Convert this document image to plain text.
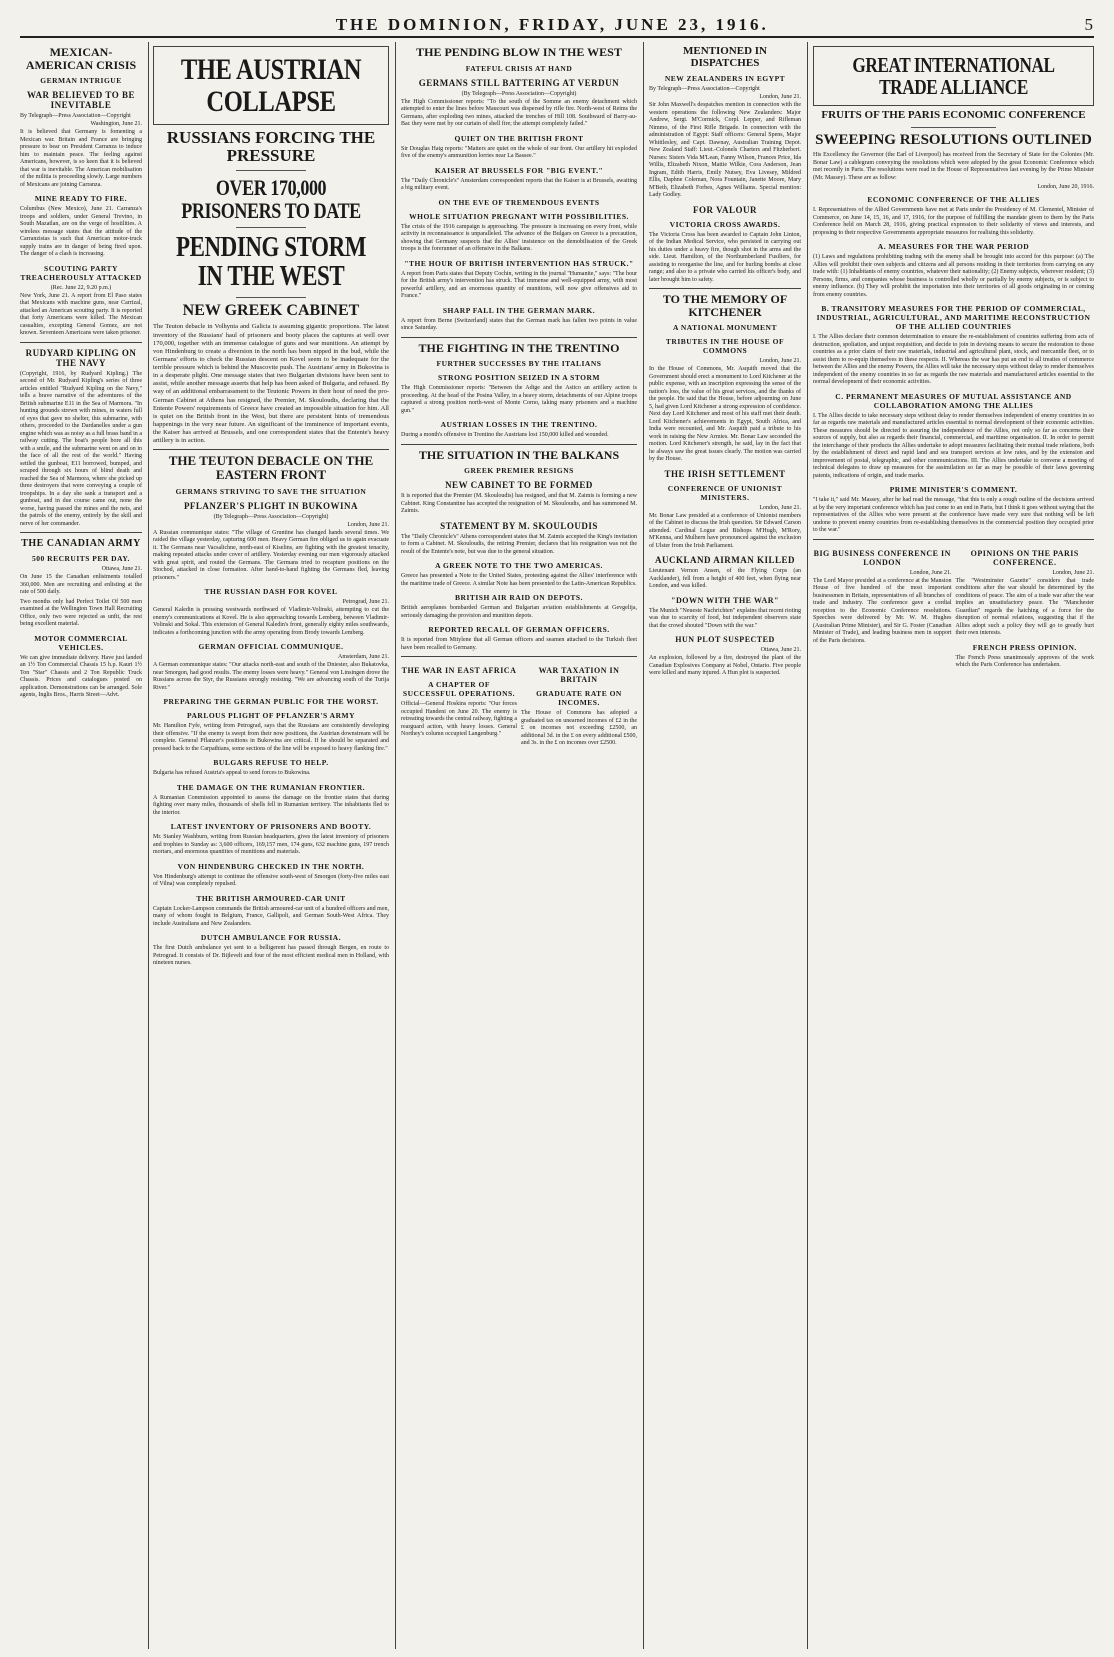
THE DOMINION, FRIDAY, JUNE 23, 1916.	5
MEXICAN-AMERICAN CRISIS
GERMAN INTRIGUE
WAR BELIEVED TO BE INEVITABLE
By Telegraph—Press Association—Copyright
Washington, June 21.
It is believed that Germany is fomenting a Mexican war. Britain and France are bringing pressure to bear on President Carranza to induce him to maintain peace. The feeling against Americans, however, is so keen that it is believed that war is inevitable. The American mobilisation of the militia is proceeding slowly. Large numbers of Mexicans are joining Carranza.
MINE READY TO FIRE.
Columbus (New Mexico), June 21. Carranza's troops and soldiers, under General Trevino, in South Mazatlan, are on the verge of hostilities. A wireless message states that the attitude of the Carranzistas is such that American motor-truck supply trains are in danger of being fired upon. The danger of a clash is increasing.
SCOUTING PARTY TREACHEROUSLY ATTACKED
(Rec. June 22, 9.20 p.m.)
New York, June 21. A report from El Paso states that Mexicans with machine guns, near Carrizal, attacked an American scouting party. It is reported that forty Americans were killed. The Mexican casualties, excepting General Gomez, are not known. Seventeen Americans were taken prisoner.
RUDYARD KIPLING ON THE NAVY
(Copyright, 1916, by Rudyard Kipling.) The second of Mr. Rudyard Kipling's series of three articles entitled "Rudyard Kipling on the Navy," tells a brave narrative of the adventures of the British submarine E11 in the Sea of Marmora. "In hunting grounds strewn with mines, in waters full of eyes that gave no shelter, this submarine, with others, proceeded to the Dardanelles under a gun engine which was as noisy as a full brass band in a railway cutting. The boat's people bore all this with a smile, and the submarine went on and on in the face of all the rest of the world." Having settled the gunboat, E11 borrowed, bumped, and scraped through six hours of blind death and reached the Sea of Marmora, where she picked up three destroyers that were conveying a couple of troopships. In a day she sank a transport and a gunboat, and in due course came out, none the worse, having passed the mines and the nets, and the patrols of the enemy, entirely by the skill and nerve of her commander.
THE CANADIAN ARMY
500 RECRUITS PER DAY.
Ottawa, June 21.
On June 15 the Canadian enlistments totalled 360,000. Men are recruiting and enlisting at the rate of 500 daily.
Two months only had Perfect Toilet Of 500 men examined at the Wellington Town Hall Recruiting Office, only two were rejected as unfit, the rest being excellent material.
MOTOR COMMERCIAL VEHICLES.
We can give immediate delivery. Have just landed an 1½ Ton Commercial Chassis 15 h.p. Kauri 1½ Ton "Star" Chassis and 2 Ton Republic Truck Chassis. Prices and catalogues posted on application. Demonstrations can be arranged. Sole agents, Inglis Bros., Harris Street—Advt.
THE AUSTRIAN COLLAPSE
RUSSIANS FORCING THE PRESSURE
OVER 170,000 PRISONERS TO DATE
PENDING STORM IN THE WEST
NEW GREEK CABINET
The Teuton debacle in Volhynia and Galicia is assuming gigantic proportions. The latest inventory of the Russians' haul of prisoners and booty places the captures at well over 170,000, together with an immense catalogue of guns and war munitions. An attempt by von Hindenburg to create a diversion in the north has been nipped in the bud, while the Germans' efforts to check the Russian descent on Kovel seem to be inadequate for the terrible pressure which is behind the Muscovite push. The Austrians' army in Bukovina is in a desperate plight. One message states that two Bulgarian divisions have been sent to assist, while another message asserts that help has been asked of Bulgaria, and refused. By way of an additional embarrassment to the Teutonic Powers in their hour of need the pro-German Cabinet at Athens has resigned, the Premier, M. Skouloudis, declaring that the Entente Powers' requirements of Greece have created an impossible situation for him. All is quiet on the British front in the West, but there are persistent hints of tremendous happenings in the very near future. An significant of the imminence of important events, the Kaiser has arrived at Brussels, and one correspondent states that the Entente's heavy artillery is in action.
THE TEUTON DEBACLE ON THE EASTERN FRONT
GERMANS STRIVING TO SAVE THE SITUATION
PFLANZER'S PLIGHT IN BUKOWINA
(By Telegraph—Press Association—Copyright)
London, June 21.
A Russian communique states: "The village of Gruntine has changed hands several times. We raided the village yesterday, capturing 600 men. Heavy German fire obliged us to again evacuate it. The Germans near Vacsalichne, north-east of Kiselins, are fighting with the greatest tenacity, making repeated attacks under cover of artillery. Yesterday evening our men vigorously attacked with great spirit, and routed the Germans. The Germans tried to recapture positions on the Stochod, attacked in close formation. After hand-to-hand fighting the Germans fled, leaving prisoners."
THE RUSSIAN DASH FOR KOVEL
Petrograd, June 21.
General Kaledin is pressing westwards northward of Vladimir-Volinski, attempting to cut the enemy's communications at Kovel. He is also approaching towards Lemberg, between Vladimir-Volinski and Sokal. This extension of General Kaledin's front, generally eighty miles southwards, indicates a forthcoming junction with the army operating from Brody towards Lemberg.
GERMAN OFFICIAL COMMUNIQUE.
Amsterdam, June 21.
A German communique states: "Our attacks north-east and south of the Dniester, also Bukatovka, near Smorgon, had good results. The enemy losses were heavy." General von Linsingen drove the Russians across the Styr, the Russians strongly resisting. "We are advancing south of the Turija River."
PREPARING THE GERMAN PUBLIC FOR THE WORST.
PARLOUS PLIGHT OF PFLANZER'S ARMY
Mr. Hamilton Fyfe, writing from Petrograd, says that the Russians are consistently developing their offensive. "If the enemy is swept from their now positions, the Austrian downstream will be complete. General Pflanzer's positions in Bukowina are critical. If he should be separated and pressed back to the Carpathians, some sections of the line will be exposed to heavy flanking fire."
BULGARS REFUSE TO HELP.
Bulgaria has refused Austria's appeal to send forces to Bukowina.
THE DAMAGE ON THE RUMANIAN FRONTIER.
A Rumanian Commission appointed to assess the damage on the frontier states that during fighting over many miles, thousands of shells fell in Rumanian territory. The inhabitants fled to the interior.
LATEST INVENTORY OF PRISONERS AND BOOTY.
Mr. Stanley Washburn, writing from Russian headquarters, gives the latest inventory of prisoners and trophies to Sunday as: 3,600 officers, 169,157 men, 174 guns, 632 machine guns, 197 trench mortars, and enormous quantities of munitions and materials.
VON HINDENBURG CHECKED IN THE NORTH.
Von Hindenburg's attempt to continue the offensive south-west of Smorgon (forty-five miles east of Vilna) was completely repulsed.
THE BRITISH ARMOURED-CAR UNIT
Captain Locker-Lampson commands the British armoured-car unit of a hundred officers and men, many of whom fought in Belgium, France, Gallipoli, and German South-West Africa. They include Australians and New Zealanders.
DUTCH AMBULANCE FOR RUSSIA.
The first Dutch ambulance yet sent to a belligerent has passed through Bergen, en route to Petrograd. It consists of Dr. Bijlevelt and four of the most efficient medical men in Holland, with nineteen nurses.
THE PENDING BLOW IN THE WEST
FATEFUL CRISIS AT HAND
GERMANS STILL BATTERING AT VERDUN
(By Telegraph—Press Association—Copyright)
The High Commissioner reports: "To the south of the Somme an enemy detachment which attempted to enter the lines before Maucourt was dispersed by rifle fire. North-west of Reims the Germans, after exploding two mines, attacked the trenches of Hill 108. Southward of Barry-au-Bac they were met by our curtain of shell fire; the attempt completely failed."
QUIET ON THE BRITISH FRONT
Sir Douglas Haig reports: "Matters are quiet on the whole of our front. Our artillery hit exploded five of the enemy's ammunition lorries near La Bassee."
KAISER AT BRUSSELS FOR "BIG EVENT."
The "Daily Chronicle's" Amsterdam correspondent reports that the Kaiser is at Brussels, awaiting a big military event.
ON THE EVE OF TREMENDOUS EVENTS
WHOLE SITUATION PREGNANT WITH POSSIBILITIES.
The crisis of the 1916 campaign is approaching. The pressure is increasing on every front, while activity in reconnaissance is unparalleled. The advance of the Bulgars on Greece is a precaution, showing that Germany suspects that the Allies' insistence on the demobilisation of the Greek troops is the forerunner of an offensive in the Balkans.
"THE HOUR OF BRITISH INTERVENTION HAS STRUCK."
A report from Paris states that Deputy Cochin, writing in the journal "Humanite," says: "The hour for the British army's intervention has struck. That immense and well-equipped army, with most powerful artillery, and an enormous quantity of munitions, will now give offensives aid to France."
SHARP FALL IN THE GERMAN MARK.
A report from Berne (Switzerland) states that the German mark has fallen two points in value since Saturday.
THE FIGHTING IN THE TRENTINO
FURTHER SUCCESSES BY THE ITALIANS
STRONG POSITION SEIZED IN A STORM
The High Commissioner reports: "Between the Adige and the Astico an artillery action is proceeding. At the head of the Posina Valley, in a heavy storm, detachments of our Alpine troops captured a strong position north-west of Monte Corno, taking many prisoners and a machine gun."
AUSTRIAN LOSSES IN THE TRENTINO.
During a month's offensive in Trentino the Austrians lost 150,000 killed and wounded.
THE SITUATION IN THE BALKANS
GREEK PREMIER RESIGNS
NEW CABINET TO BE FORMED
It is reported that the Premier (M. Skouloudis) has resigned, and that M. Zaimis is forming a new Cabinet. King Constantine has accepted the resignation of M. Skouloudis, and has summoned M. Zaimis.
STATEMENT BY M. SKOULOUDIS
The "Daily Chronicle's" Athens correspondent states that M. Zaimis accepted the King's invitation to form a Cabinet. M. Skouloudis, the retiring Premier, declares that his resignation was not the result of the Entente's note, but was due to the general situation.
A GREEK NOTE TO THE TWO AMERICAS.
Greece has presented a Note to the United States, protesting against the Allies' interference with the maritime trade of Greece. A similar Note has been presented to the Latin-American Republics.
BRITISH AIR RAID ON DEPOTS.
British aeroplanes bombarded German and Bulgarian aviation establishments at Gevgelija, seriously damaging the provision and munition depots.
REPORTED RECALL OF GERMAN OFFICERS.
It is reported from Mitylene that all German officers and seamen attached to the Turkish fleet have been recalled to Germany.
THE WAR IN EAST AFRICA
A CHAPTER OF SUCCESSFUL OPERATIONS.
Official—General Hoskins reports: "Our forces occupied Handeni on June 20. The enemy is retreating towards the central railway, fighting a rearguard action, with heavy losses. General Northey's column occupied Langenburg."
WAR TAXATION IN BRITAIN
GRADUATE RATE ON INCOMES.
The House of Commons has adopted a graduated tax on unearned incomes of £2 in the £ on incomes not exceeding £2500, an additional 3d. in the £ on every additional £500, and 3s. in the £ on incomes over £2500.
MENTIONED IN DISPATCHES
NEW ZEALANDERS IN EGYPT
By Telegraph—Press Association—Copyright
London, June 21.
Sir John Maxwell's despatches mention in connection with the western operations the following New Zealanders: Major Andrew, Sergt. M'Cormick, Corpl. Lepper, and Rifleman Nimmo, of the First Rifle Brigade. In connection with the administration of Egypt: Staff officers: General Spens, Major Whittlesley, and Capt. Dawnay, Australian Training Depot. New Zealand Staff: Lieut.-Colonels Charters and Fitzherbert. Nurses: Sisters Vida M'Lean, Fanny Wilson, Frances Price, Ida Willis, Elizabeth Nixon, Mattie Wilkie, Cora Anderson, Jean Ingram, Edith Harris, Emily Nutsey, Eva Livesey, Mildred Ellis, Daphne Coleman, Nora Fountain, Janette Moore, Mary M'Beth, Elizabeth Forbes, Agnes Williams. Special mention: Lady Godley.
FOR VALOUR
VICTORIA CROSS AWARDS.
The Victoria Cross has been awarded to Captain John Linton, of the Indian Medical Service, who persisted in carrying out his duties under a heavy fire, though shot in the arms and the side. Lieut. Hamilton, of the Northumberland Fusiliers, for assisting to reorganise the line, and for hurling bombs at close range; and also to a private who carried his officer's body, and later brought him to safety.
TO THE MEMORY OF KITCHENER
A NATIONAL MONUMENT
TRIBUTES IN THE HOUSE OF COMMONS
London, June 21.
In the House of Commons, Mr. Asquith moved that the Government should erect a monument to Lord Kitchener at the public expense, with an inscription expressing the sense of the nation's loss, the value of his great services, and the thanks of the people. He said that the House, before adjourning on June 5, had given Lord Kitchener a strong expression of confidence. Next day Lord Kitchener and most of his staff met their death. Lord Kitchener's achievements in Egypt, South Africa, and India were recounted, and Mr. Asquith paid a tribute to his work in raising the New Armies. Mr. Bonar Law seconded the motion. Lord Kitchener's strength, he said, lay in the fact that he always saw the great issues clearly. The motion was carried by the House.
THE IRISH SETTLEMENT
CONFERENCE OF UNIONIST MINISTERS.
London, June 21.
Mr. Bonar Law presided at a conference of Unionist members of the Cabinet to discuss the Irish question. Sir Edward Carson attended. Cardinal Logue and Bishops M'Hugh, M'Rory, M'Kenna, and Mulhern have pronounced against the exclusion of Ulster from the Irish Parliament.
AUCKLAND AIRMAN KILLED
Lieutenant Vernon Ansen, of the Flying Corps (an Aucklander), fell from a height of 400 feet, when flying near London, and was killed.
"DOWN WITH THE WAR"
The Munich "Neueste Nachrichten" explains that recent rioting was due to scarcity of food, but independent observers state that the crowd shouted "Down with the war."
HUN PLOT SUSPECTED
Ottawa, June 21.
An explosion, followed by a fire, destroyed the plant of the Canadian Explosives Company at Nobel, Ontario. Five people were killed and many injured. A Hun plot is suspected.
GREAT INTERNATIONAL TRADE ALLIANCE
FRUITS OF THE PARIS ECONOMIC CONFERENCE
SWEEPING RESOLUTIONS OUTLINED
His Excellency the Governor (the Earl of Liverpool) has received from the Secretary of State for the Colonies (Mr. Bonar Law) a cablegram conveying the resolutions which were adopted by the great Economic Conference which met recently in Paris. The resolutions were read in the House of Representatives last evening by the Prime Minister (Mr. Massey). These are as follow:
London, June 20, 1916.
ECONOMIC CONFERENCE OF THE ALLIES
I. Representatives of the Allied Governments have met at Paris under the Presidency of M. Clementel, Minister of Commerce, on June 14, 15, 16, and 17, 1916, for the purpose of fulfilling the mandate given to them by the Paris Conference held on March 28, 1916, giving practical expression to their solidarity of views and interests, and proposing to their respective Governments appropriate measures for realising this solidarity.
A. MEASURES FOR THE WAR PERIOD
(1) Laws and regulations prohibiting trading with the enemy shall be brought into accord for this purpose: (a) The Allies will prohibit their own subjects and citizens and all persons residing in their territories from carrying on any trade with: (1) Inhabitants of enemy countries, whatever their nationality; (2) Enemy subjects, wherever resident; (3) Persons, firms, and companies whose business is controlled wholly or partially by enemy subjects, or is subject to enemy influence. (b) They will prohibit the importation into their territories of all goods originating in or coming from enemy countries.
B. TRANSITORY MEASURES FOR THE PERIOD OF COMMERCIAL, INDUSTRIAL, AGRICULTURAL, AND MARITIME RECONSTRUCTION OF THE ALLIED COUNTRIES
I. The Allies declare their common determination to ensure the re-establishment of countries suffering from acts of destruction, spoliation, and unjust requisition, and decide to join in devising means to secure the restoration to those countries as a prior claim of their raw materials, industrial and agricultural plant, stock, and mercantile fleet, or to assist them to re-equip themselves in these respects. II. Whereas the war has put an end to all treaties of commerce between the Allies and the enemy Powers, the Allies will take the necessary steps without delay to render themselves independent of the enemy countries in so far as regards the raw materials and manufactured articles essential to the normal development of their economic activities.
C. PERMANENT MEASURES OF MUTUAL ASSISTANCE AND COLLABORATION AMONG THE ALLIES
I. The Allies decide to take necessary steps without delay to render themselves independent of enemy countries in so far as regards raw materials and manufactured articles essential to normal development of their economic activities. These measures should be directed to assuring the independence of the Allies, not only so far as concerns their sources of supply, but also as regards their financial, commercial, and maritime organisation. II. In order to permit the interchange of their products the Allies undertake to adopt measures facilitating their mutual trade relations, both by the establishment of direct and rapid land and sea transport services at low rates, and by the extension and improvement of postal, telegraphic, and other communications. III. The Allies undertake to convene a meeting of technical delegates to draw up measures for the assimilation so far as may be possible of their laws governing patents, indications of origin, and trade marks.
PRIME MINISTER'S COMMENT.
"I take it," said Mr. Massey, after he had read the message, "that this is only a rough outline of the decisions arrived at by the very important conference which has just come to an end in Paris, but I think it goes without saying that the representatives of the Allies who were present at the conference have made very sure that nothing will be left undone to prevent enemy countries from re-establishing themselves in the commercial position they occupied prior to the war."
BIG BUSINESS CONFERENCE IN LONDON
London, June 21.
The Lord Mayor presided at a conference at the Mansion House of five hundred of the most important businessmen in Britain, representatives of all branches of trade and industry. The conference gave a cordial reception to the Economic Conference resolutions. Speeches were delivered by Mr. W. M. Hughes (Australian Prime Minister), and Sir G. Foster (Canadian Minister of Trade), and leading business men in support of the Paris decisions.
OPINIONS ON THE PARIS CONFERENCE.
London, June 21.
The "Westminster Gazette" considers that trade conditions after the war should be determined by the conditions of peace. The aim of a trade war after the war implies an unsatisfactory peace. The "Manchester Guardian" regards the hatching of a force for the disruption of normal relations, suggesting that if the Allies adopt such a policy they will go to greatly hurt their own interests.
FRENCH PRESS OPINION.
The French Press unanimously approves of the work which the Paris Conference has undertaken.
